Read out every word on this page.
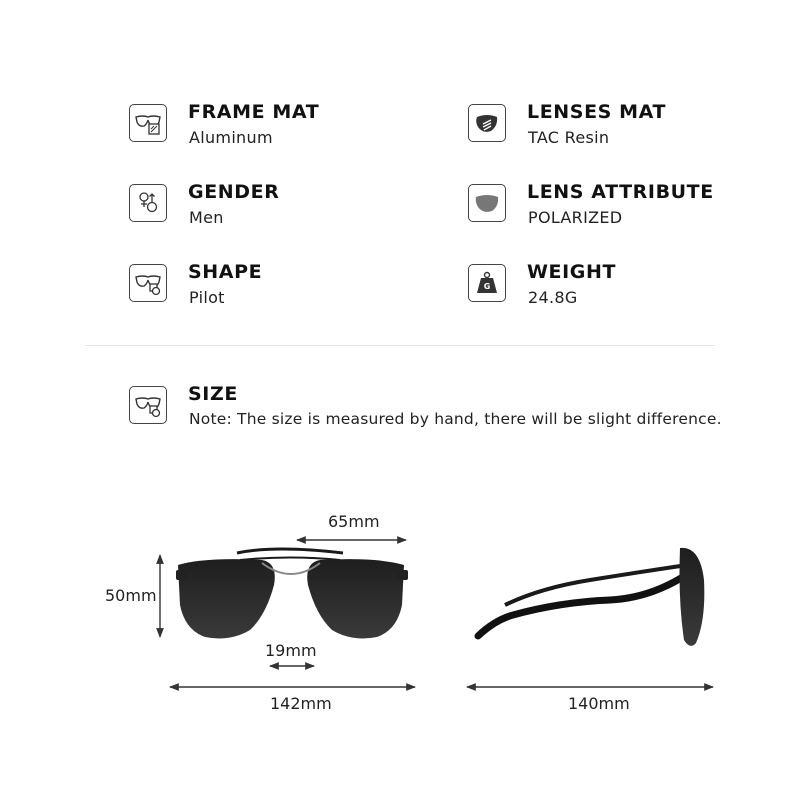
FRAME MAT
Aluminum
LENSES MAT
TAC Resin
GENDER
Men
LENS ATTRIBUTE
POLARIZED
SHAPE
Pilot
G
WEIGHT
24.8G
SIZE
Note: The size is measured by hand, there will be slight difference.
65mm
50mm
19mm
142mm	140mm
